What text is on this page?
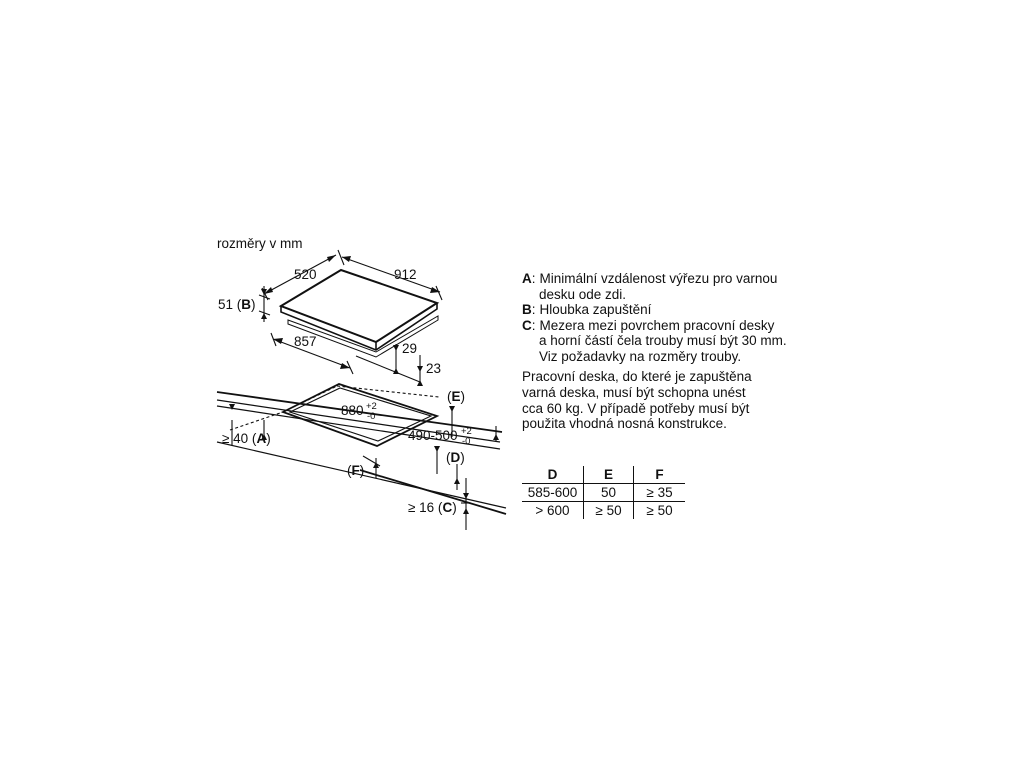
rozměry v mm
912
520
51 (B)
857	29
23
880 +2
-0
490-500 +2
-0
(E)
(D)
(F)
≥ 40 (A)
≥ 16 (C)
A : Minimální vzdálenost výřezu pro varnou
desku ode zdi.
B : Hloubka zapuštění
C : Mezera mezi povrchem pracovní desky
a horní částí čela trouby musí být 30 mm.
Viz požadavky na rozměry trouby.
Pracovní deska, do které je zapuštěna
varná deska, musí být schopna unést
cca 60 kg. V případě potřeby musí být
použita vhodná nosná konstrukce.
D	E	F
585-600	50	≥ 35
> 600	≥ 50	≥ 50
